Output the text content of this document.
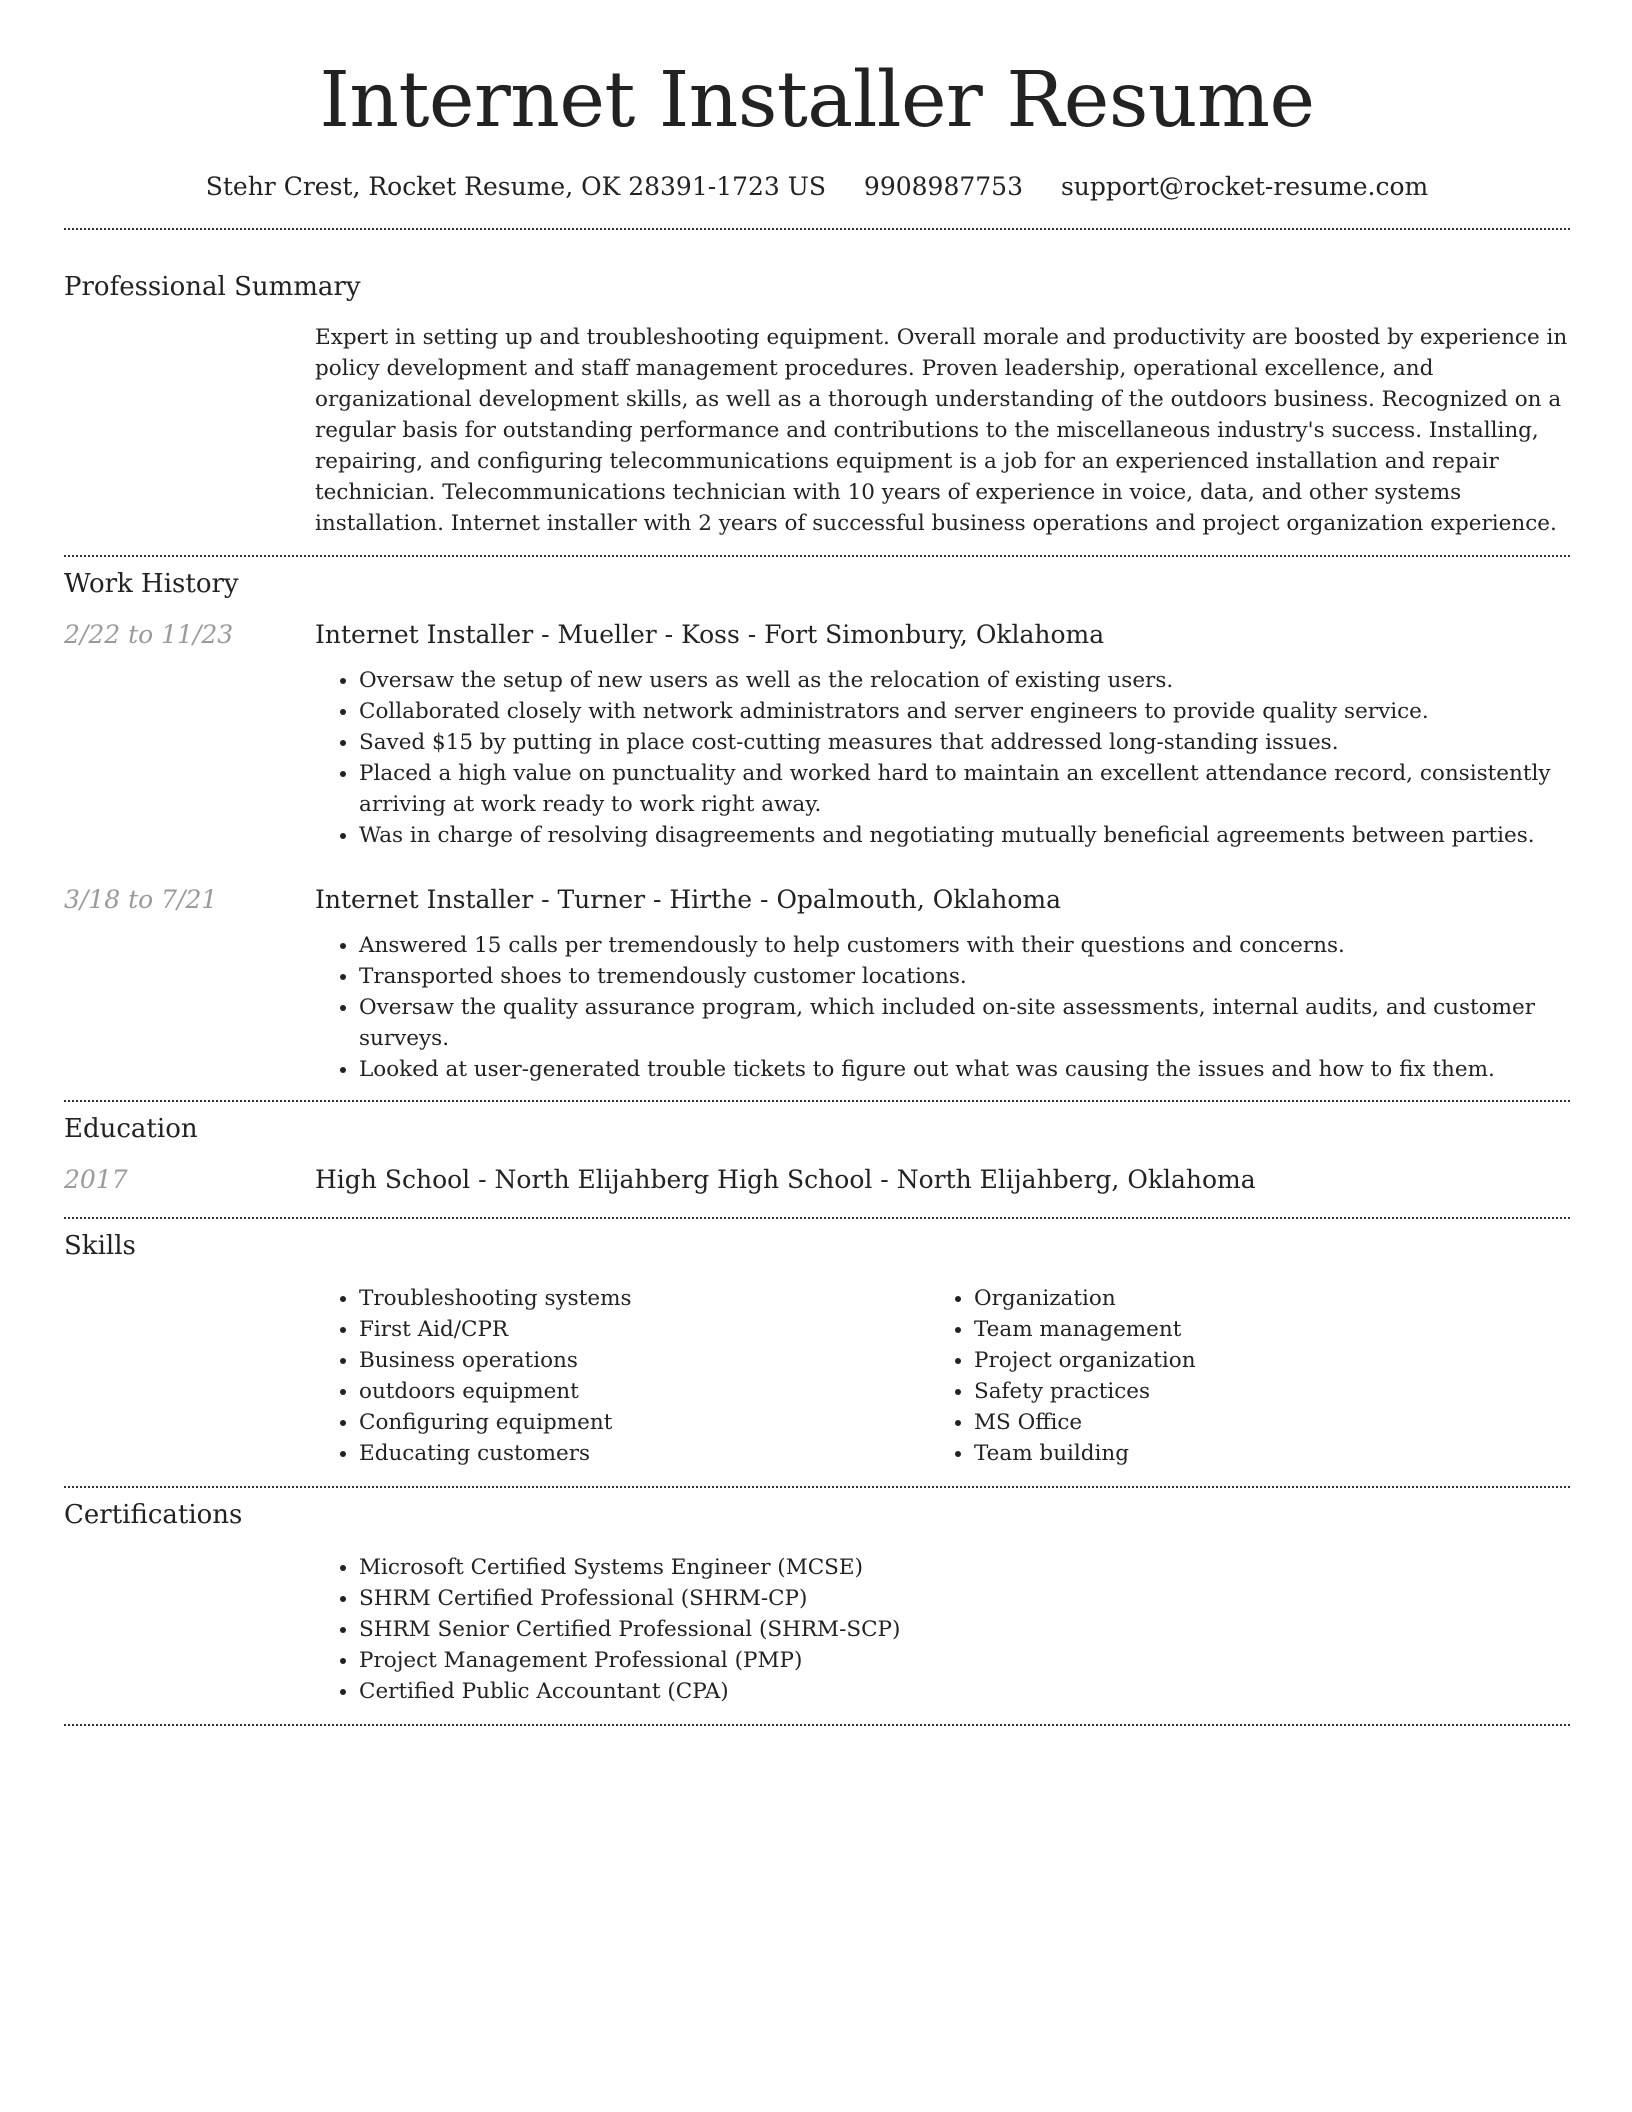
Internet Installer Resume
Stehr Crest, Rocket Resume, OK 28391-1723 US 9908987753 support@rocket-resume.com
Professional Summary
Expert in setting up and troubleshooting equipment. Overall morale and productivity are boosted by experience in policy development and staff management procedures. Proven leadership, operational excellence, and organizational development skills, as well as a thorough understanding of the outdoors business. Recognized on a regular basis for outstanding performance and contributions to the miscellaneous industry's success. Installing, repairing, and configuring telecommunications equipment is a job for an experienced installation and repair technician. Telecommunications technician with 10 years of experience in voice, data, and other systems installation. Internet installer with 2 years of successful business operations and project organization experience.
Work History
2/22 to 11/23	Internet Installer - Mueller - Koss - Fort Simonbury, Oklahoma
• Oversaw the setup of new users as well as the relocation of existing users.
• Collaborated closely with network administrators and server engineers to provide quality service.
• Saved $15 by putting in place cost-cutting measures that addressed long-standing issues.
• Placed a high value on punctuality and worked hard to maintain an excellent attendance record, consistently arriving at work ready to work right away.
• Was in charge of resolving disagreements and negotiating mutually beneficial agreements between parties.
3/18 to 7/21	Internet Installer - Turner - Hirthe - Opalmouth, Oklahoma
• Answered 15 calls per tremendously to help customers with their questions and concerns.
• Transported shoes to tremendously customer locations.
• Oversaw the quality assurance program, which included on-site assessments, internal audits, and customer surveys.
• Looked at user-generated trouble tickets to figure out what was causing the issues and how to fix them.
Education
2017	High School - North Elijahberg High School - North Elijahberg, Oklahoma
Skills
• Troubleshooting systems
• First Aid/CPR
• Business operations
• outdoors equipment
• Configuring equipment
• Educating customers
• Organization
• Team management
• Project organization
• Safety practices
• MS Office
• Team building
Certifications
• Microsoft Certified Systems Engineer (MCSE)
• SHRM Certified Professional (SHRM-CP)
• SHRM Senior Certified Professional (SHRM-SCP)
• Project Management Professional (PMP)
• Certified Public Accountant (CPA)
